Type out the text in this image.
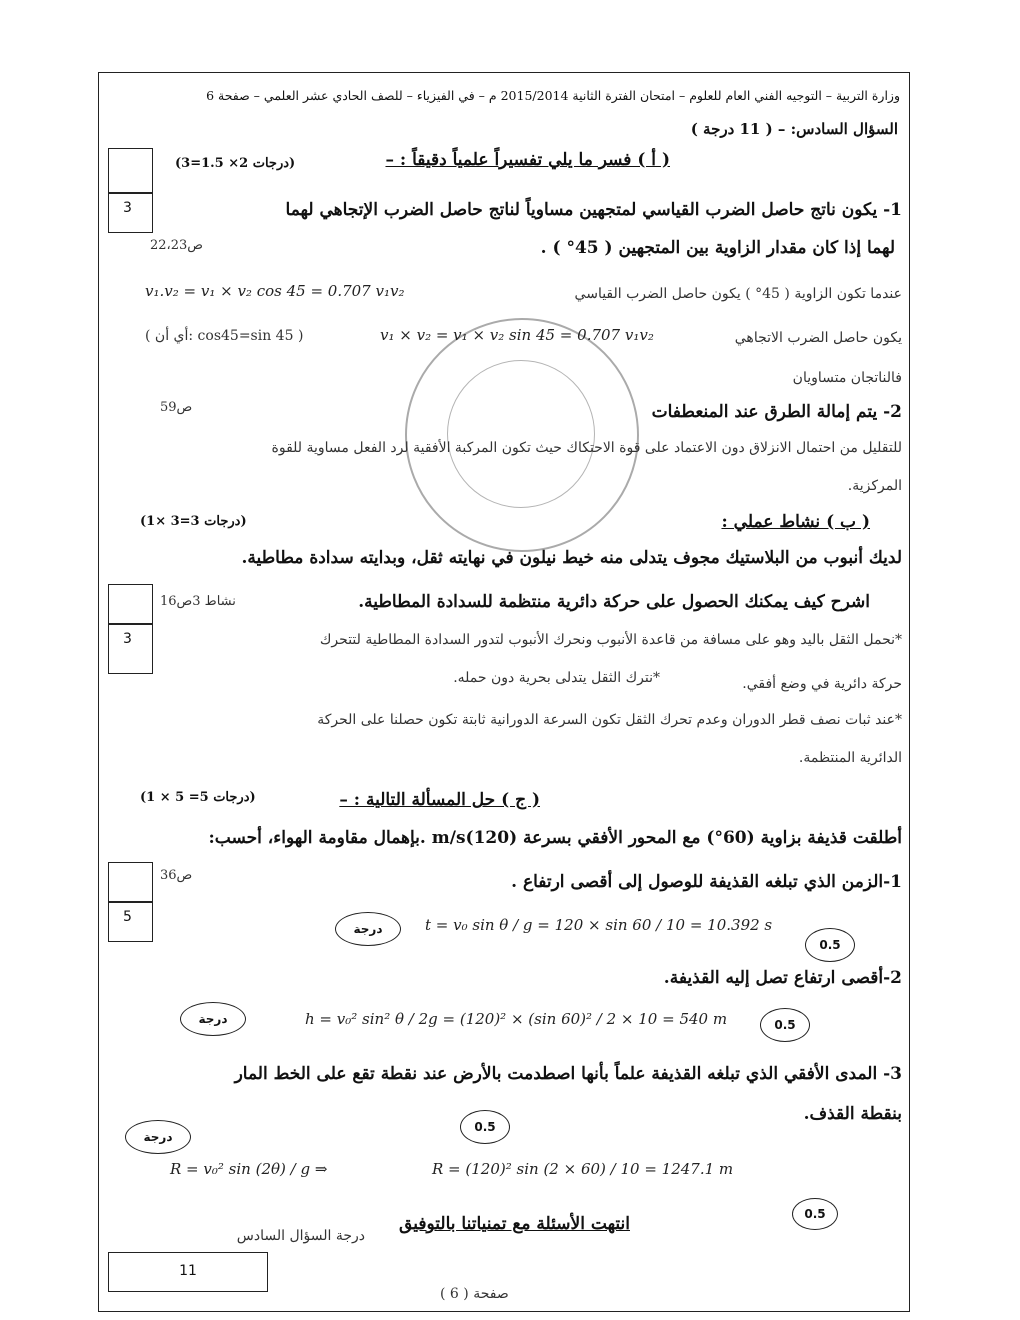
وزارة التربية – التوجيه الفني العام للعلوم – امتحان الفترة الثانية 2015/2014 م – في الفيزياء – للصف الحادي عشر العلمي – صفحة 6
السؤال السادس: – ( 11 درجة )
( أ ) فسر ما يلي تفسيراً علمياً دقيقاً : –
(3=1.5 ×2 درجات)
3	1- يكون ناتج حاصل الضرب القياسي لمتجهين مساوياً لناتج حاصل الضرب الإتجاهي لهما
لهما إذا كان مقدار الزاوية بين المتجهين ( 45° ) .
ص22،23
عندما تكون الزاوية ( 45° ) يكون حاصل الضرب القياسي
v₁.v₂ = v₁ × v₂ cos 45 = 0.707 v₁v₂
يكون حاصل الضرب الاتجاهي
v₁ × v₂ = v₁ × v₂ sin 45 = 0.707 v₁v₂
( أي أن: cos45=sin 45 )
فالناتجان متساويان
2- يتم إمالة الطرق عند المنعطفات
ص59
للتقليل من احتمال الانزلاق دون الاعتماد على قوة الاحتكاك حيث تكون المركبة الأفقية لرد الفعل مساوية للقوة
المركزية.
( ب ) نشاط عملي :
(1× 3=3 درجات)
لديك أنبوب من البلاستيك مجوف يتدلى منه خيط نيلون في نهايته ثقل، وبدايته سدادة مطاطية.
اشرح كيف يمكنك الحصول على حركة دائرية منتظمة للسدادة المطاطية.
نشاط 3ص16
3	*نحمل الثقل باليد وهو على مسافة من قاعدة الأنبوب ونحرك الأنبوب لتدور السدادة المطاطية لتتحرك
حركة دائرية في وضع أفقي.
*نترك الثقل يتدلى بحرية دون حمله.
*عند ثبات نصف قطر الدوران وعدم تحرك الثقل تكون السرعة الدورانية ثابتة تكون حصلنا على الحركة
الدائرية المنتظمة.
( ج ) حل المسألة التالية : –
(1 × 5 =5 درجات)
أطلقت قذيفة بزاوية (60°) مع المحور الأفقي بسرعة (120)m/s .بإهمال مقاومة الهواء، أحسب:
1-الزمن الذي تبلغه القذيفة للوصول إلى أقصى ارتفاع .
ص36
5
درجة	t = v₀ sin θ / g = 120 × sin 60 / 10 = 10.392 s
0.5
2-أقصى ارتفاع تصل إليه القذيفة.
درجة	h = v₀² sin² θ / 2g = (120)² × (sin 60)² / 2 × 10 = 540 m	0.5
3- المدى الأفقي الذي تبلغه القذيفة علماً بأنها اصطدمت بالأرض عند نقطة تقع على الخط المار
بنقطة القذف.
درجة
0.5
R = v₀² sin (2θ) / g ⇒	R = (120)² sin (2 × 60) / 10 = 1247.1 m
0.5
انتهت الأسئلة مع تمنياتنا بالتوفيق
درجة السؤال السادس
11
صفحة ( 6 )
